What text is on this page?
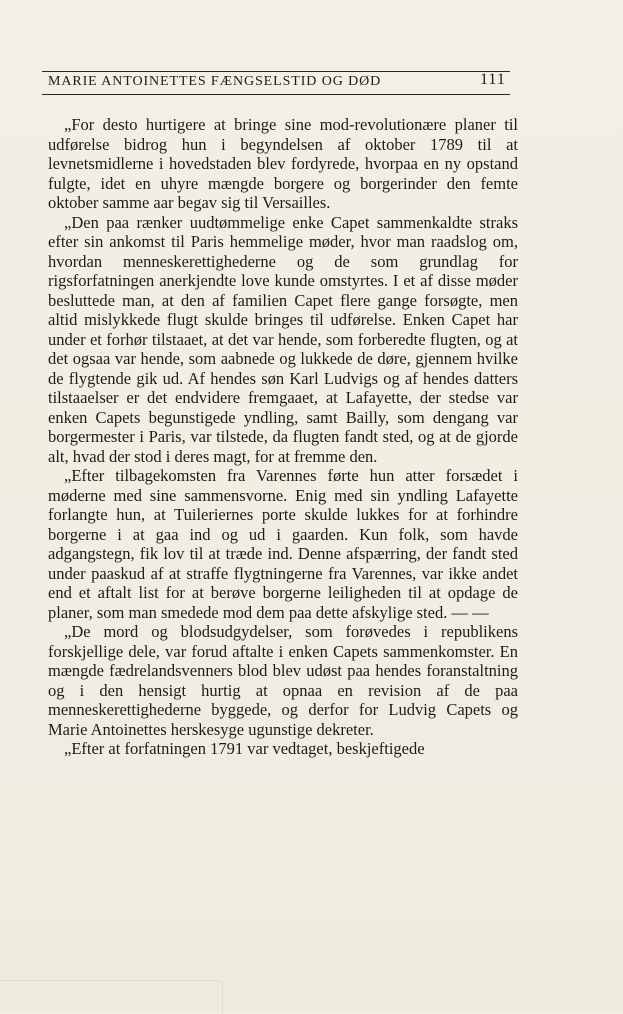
MARIE ANTOINETTES FÆNGSELSTID OG DØD	111

„For desto hurtigere at bringe sine mod-revolutionære planer til udførelse bidrog hun i begyndelsen af oktober 1789 til at levnetsmidlerne i hovedstaden blev fordyrede, hvorpaa en ny opstand fulgte, idet en uhyre mængde borgere og borgerinder den femte oktober samme aar begav sig til Versailles.

„Den paa rænker uudtømmelige enke Capet sammenkaldte straks efter sin ankomst til Paris hemmelige møder, hvor man raadslog om, hvordan menneskerettighederne og de som grundlag for rigsforfatningen anerkjendte love kunde omstyrtes. I et af disse møder besluttede man, at den af familien Capet flere gange forsøgte, men altid mislykkede flugt skulde bringes til udførelse. Enken Capet har under et forhør tilstaaet, at det var hende, som forberedte flugten, og at det ogsaa var hende, som aabnede og lukkede de døre, gjennem hvilke de flygtende gik ud. Af hendes søn Karl Ludvigs og af hendes datters tilstaaelser er det endvidere fremgaaet, at Lafayette, der stedse var enken Capets begunstigede yndling, samt Bailly, som dengang var borgermester i Paris, var tilstede, da flugten fandt sted, og at de gjorde alt, hvad der stod i deres magt, for at fremme den.

„Efter tilbagekomsten fra Varennes førte hun atter forsædet i møderne med sine sammensvorne. Enig med sin yndling Lafayette forlangte hun, at Tuileriernes porte skulde lukkes for at forhindre borgerne i at gaa ind og ud i gaarden. Kun folk, som havde adgangstegn, fik lov til at træde ind. Denne afspærring, der fandt sted under paaskud af at straffe flygtningerne fra Varennes, var ikke andet end et aftalt list for at berøve borgerne leiligheden til at opdage de planer, som man smedede mod dem paa dette afskylige sted. — —

„De mord og blodsudgydelser, som forøvedes i republikens forskjellige dele, var forud aftalte i enken Capets sammenkomster. En mængde fædrelandsvenners blod blev udøst paa hendes foranstaltning og i den hensigt hurtig at opnaa en revision af de paa menneskerettighederne byggede, og derfor for Ludvig Capets og Marie Antoinettes herskesyge ugunstige dekreter.

„Efter at forfatningen 1791 var vedtaget, beskjeftigede
